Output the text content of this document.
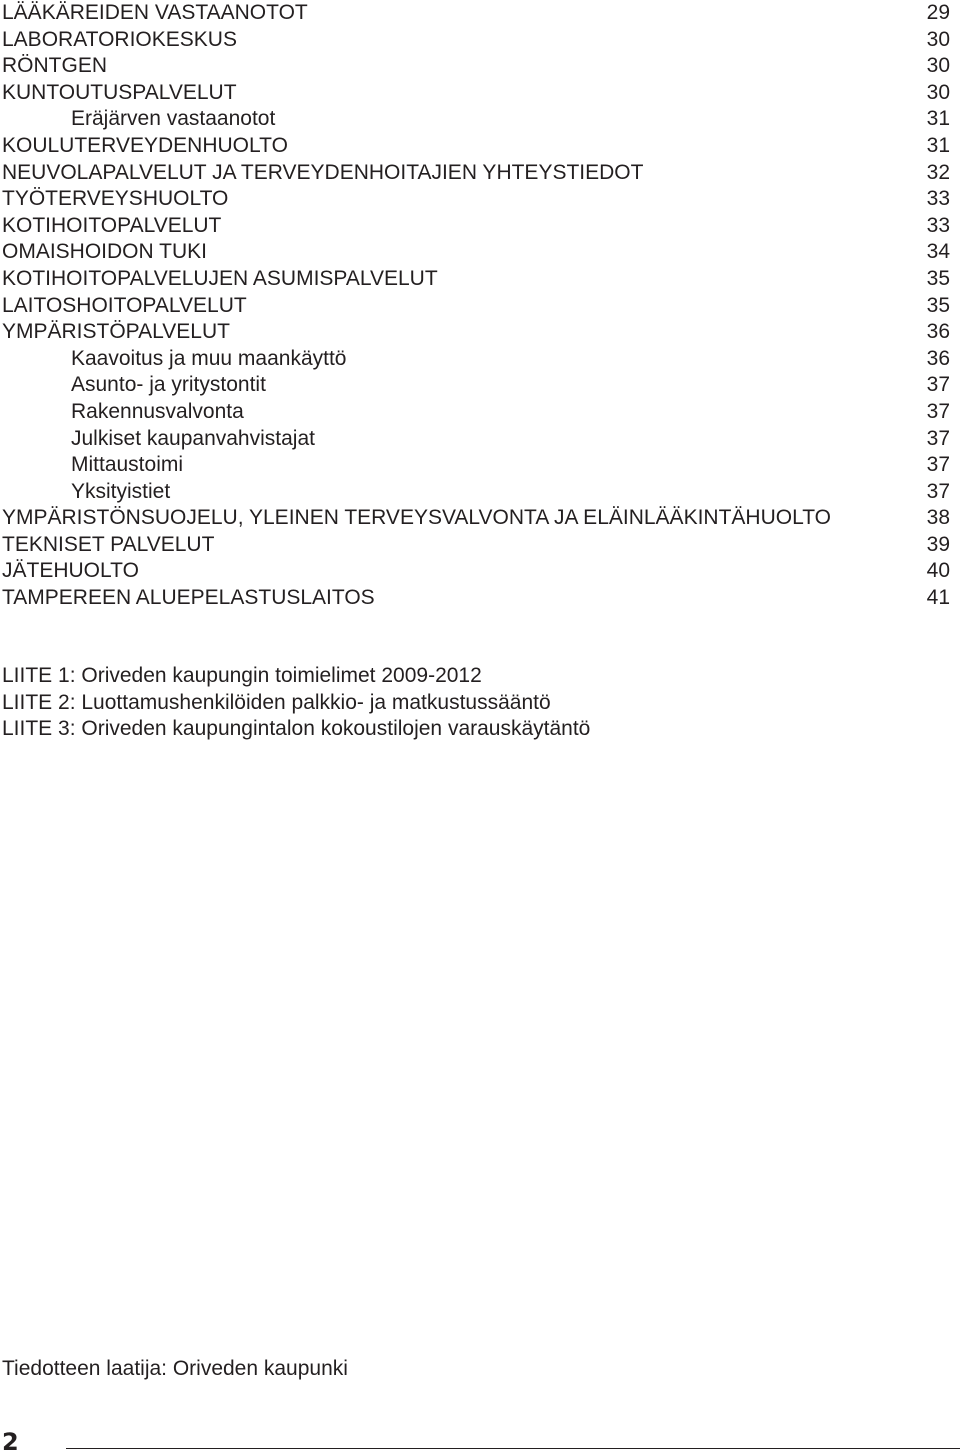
LÄÄKÄREIDEN VASTAANOTOT	29
LABORATORIOKESKUS	30
RÖNTGEN	30
KUNTOUTUSPALVELUT	30
Eräjärven vastaanotot	31
KOULUTERVEYDENHUOLTO	31
NEUVOLAPALVELUT JA TERVEYDENHOITAJIEN YHTEYSTIEDOT	32
TYÖTERVEYSHUOLTO	33
KOTIHOITOPALVELUT	33
OMAISHOIDON TUKI	34
KOTIHOITOPALVELUJEN ASUMISPALVELUT	35
LAITOSHOITOPALVELUT	35
YMPÄRISTÖPALVELUT	36
Kaavoitus ja muu maankäyttö	36
Asunto- ja yritystontit	37
Rakennusvalvonta	37
Julkiset kaupanvahvistajat	37
Mittaustoimi	37
Yksityistiet	37
YMPÄRISTÖNSUOJELU, YLEINEN TERVEYSVALVONTA JA ELÄINLÄÄKINTÄHUOLTO	38
TEKNISET PALVELUT	39
JÄTEHUOLTO	40
TAMPEREEN ALUEPELASTUSLAITOS	41
LIITE 1: Oriveden kaupungin toimielimet 2009-2012
LIITE 2: Luottamushenkilöiden palkkio- ja matkustussääntö
LIITE 3: Oriveden kaupungintalon kokoustilojen varauskäytäntö
Tiedotteen laatija: Oriveden kaupunki
2
